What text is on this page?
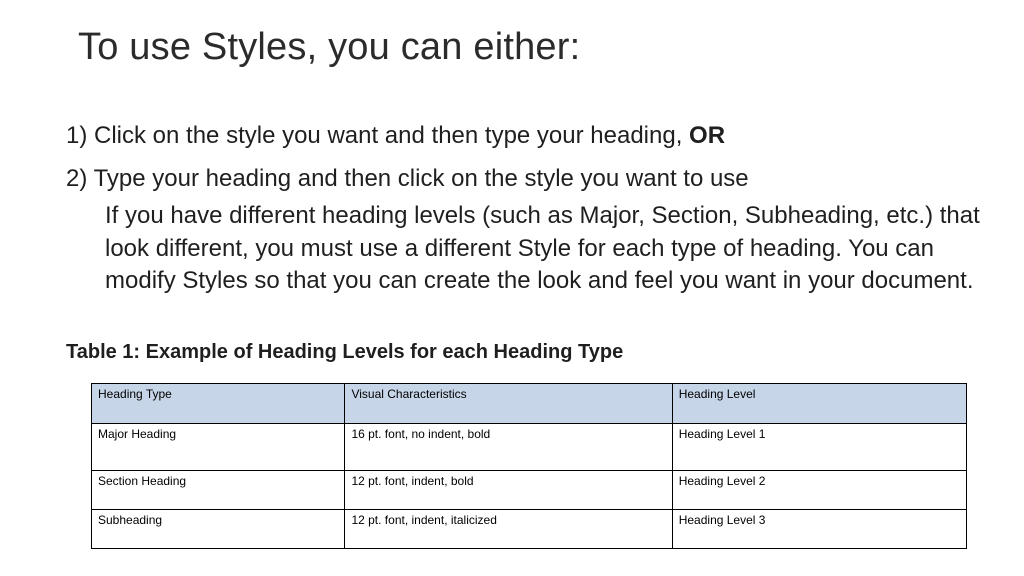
To use Styles, you can either:
1) Click on the style you want and then type your heading, OR
2) Type your heading and then click on the style you want to use
If you have different heading levels (such as Major, Section, Subheading, etc.) that look different, you must use a different Style for each type of heading. You can modify Styles so that you can create the look and feel you want in your document.
Table 1: Example of Heading Levels for each Heading Type
Heading Type	Visual Characteristics	Heading Level
Major Heading	16 pt. font, no indent, bold	Heading Level 1
Section Heading	12 pt. font, indent, bold	Heading Level 2
Subheading	12 pt. font, indent, italicized	Heading Level 3
